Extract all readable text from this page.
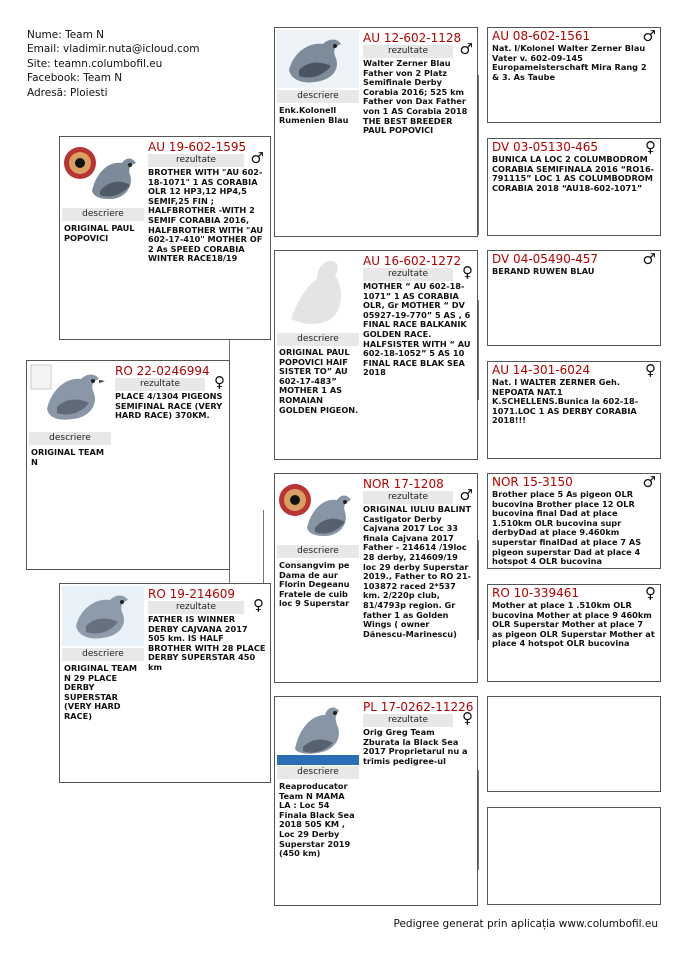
Nume: Team N
Email: vladimir.nuta@icloud.com
Site: teamn.columbofil.eu
Facebook: Team N
Adresă: Ploiesti
descriere
ORIGINAL TEAM N
RO 22-0246994
♀
rezultate
PLACE 4/1304 PIGEONS SEMIFINAL RACE (VERY HARD RACE) 370KM.
descriere
ORIGINAL PAUL POPOVICI
AU 19-602-1595
♂
rezultate
BROTHER WITH "AU 602-18-1071" 1 AS CORABIA OLR 12 HP3,12 HP4,5 SEMIF,25 FIN ; HALFBROTHER -WITH 2 SEMIF CORABIA 2016, HALFBROTHER WITH "AU 602-17-410" MOTHER OF 2 As SPEED CORABIA WINTER RACE18/19
descriere
ORIGINAL TEAM N 29 PLACE DERBY SUPERSTAR (VERY HARD RACE)
RO 19-214609
♀
rezultate
FATHER IS WINNER DERBY CAJVANA 2017 505 km. IS HALF BROTHER WITH 28 PLACE DERBY SUPERSTAR 450 km
descriere
Enk.Kolonell Rumenien Blau
AU 12-602-1128
♂
rezultate
Walter Zerner Blau Father von 2 Platz Semifinale Derby Corabia 2016; 525 km Father von Dax Father von 1 AS Corabia 2018 THE BEST BREEDER PAUL POPOVICI
descriere
ORIGINAL PAUL POPOVICI HAIF SISTER TO” AU 602-17-483” MOTHER 1 AS ROMAIAN GOLDEN PIGEON.
AU 16-602-1272
♀
rezultate
MOTHER “ AU 602-18-1071” 1 AS CORABIA OLR, Gr MOTHER “ DV 05927-19-770” 5 AS , 6 FINAL RACE BALKANIK GOLDEN RACE. HALFSISTER WITH “ AU 602-18-1052” 5 AS 10 FINAL RACE BLAK SEA 2018
descriere
Consangvim pe Dama de aur Florin Degeanu Fratele de cuib loc 9 Superstar
NOR 17-1208
♂
rezultate
ORIGINAL IULIU BALINT Castigator Derby Cajvana 2017 Loc 33 finala Cajvana 2017 Father - 214614 /19loc 28 derby, 214609/19 loc 29 derby Superstar 2019., Father to RO 21-103872 raced 2*537 km. 2/220p club, 81/4793p region. Gr father 1 as Golden Wings ( owner Dănescu-Marinescu)
descriere
Reaproducator Team N MAMA LA : Loc 54 Finala Black Sea 2018 505 KM , Loc 29 Derby Superstar 2019 (450 km)
PL 17-0262-11226
♀
rezultate
Orig Greg Team Zburata la Black Sea 2017 Proprietarul nu a trimis pedigree-ul
AU 08-602-1561	♂
Nat. I/Kolonel Walter Zerner Blau Vater v. 602-09-145 Europameisterschaft Mira Rang 2 & 3. As Taube
DV 03-05130-465	♀
BUNICA LA LOC 2 COLUMBODROM CORABIA SEMIFINALA 2016 “RO16-791115” LOC 1 AS COLUMBODROM CORABIA 2018 “AU18-602-1071”
DV 04-05490-457	♂
BERAND RUWEN BLAU
AU 14-301-6024	♀
Nat. I WALTER ZERNER Geh. NEPOATA NAT.1 K.SCHELLENS.Bunica la 602-18-1071.LOC 1 AS DERBY CORABIA 2018!!!
NOR 15-3150	♂
Brother place 5 As pigeon OLR bucovina Brother place 12 OLR bucovina final Dad at place 1.510km OLR bucovina supr derbyDad at place 9.460km superstar finalDad at place 7 AS pigeon superstar Dad at place 4 hotspot 4 OLR bucovina
RO 10-339461	♀
Mother at place 1 .510km OLR bucovina Mother at place 9 460km OLR Superstar Mother at place 7 as pigeon OLR Superstar Mother at place 4 hotspot OLR bucovina
Pedigree generat prin aplicația www.columbofil.eu
